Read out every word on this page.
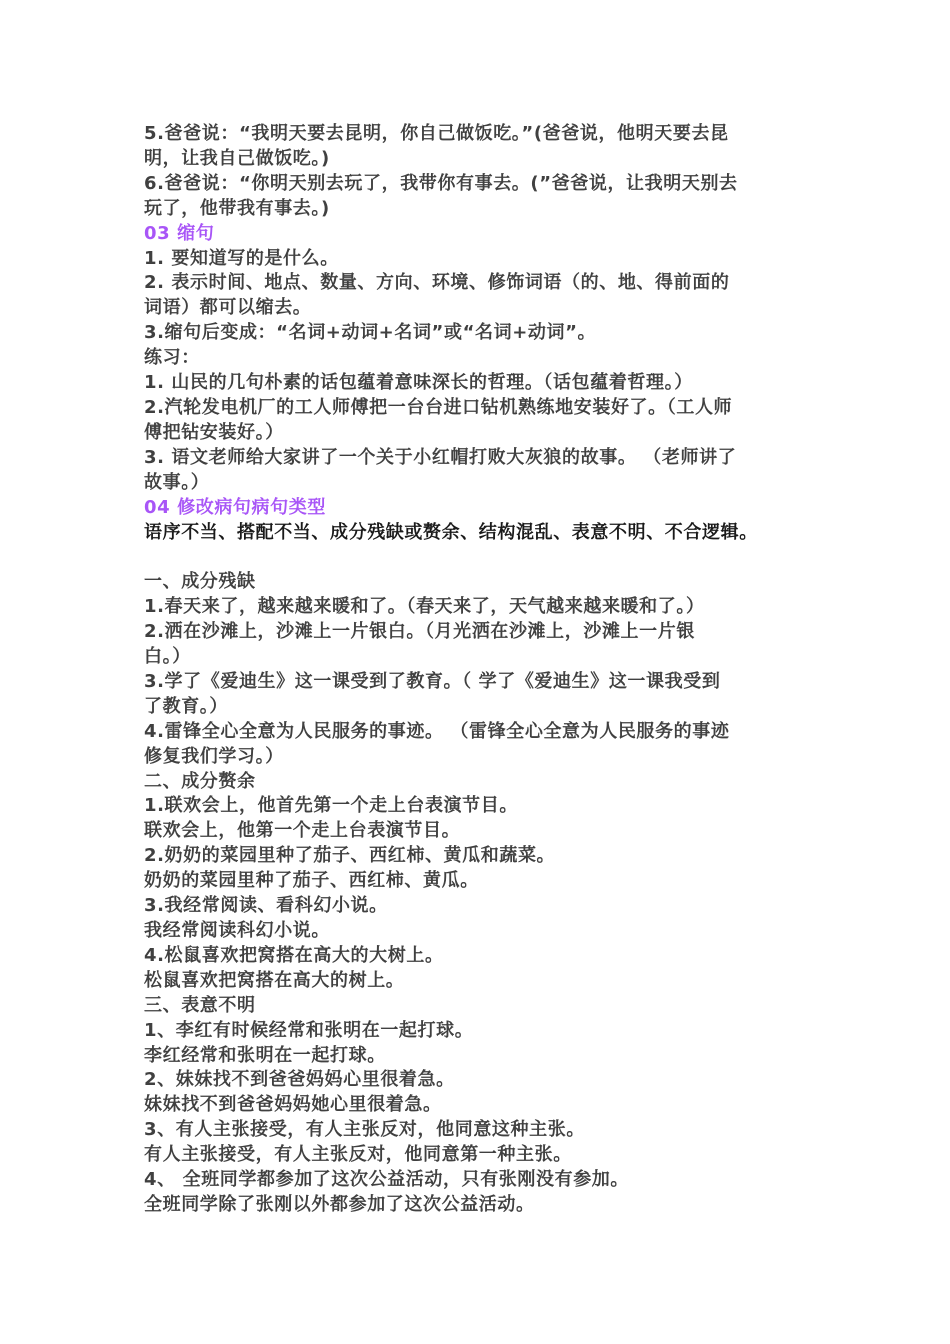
5.爸爸说：“我明天要去昆明，你自己做饭吃。”(爸爸说，他明天要去昆

明，让我自己做饭吃。)

6.爸爸说：“你明天别去玩了，我带你有事去。(”爸爸说，让我明天别去

玩了，他带我有事去。)

03 缩句

1. 要知道写的是什么。

2. 表示时间、地点、数量、方向、环境、修饰词语（的、地、得前面的

词语）都可以缩去。

3.缩句后变成：“名词+动词+名词”或“名词+动词”。

练习：

1. 山民的几句朴素的话包蕴着意味深长的哲理。（话包蕴着哲理。）

2.汽轮发电机厂的工人师傅把一台台进口钻机熟练地安装好了。（工人师

傅把钻安装好。）

3. 语文老师给大家讲了一个关于小红帽打败大灰狼的故事。 （老师讲了

故事。）

04 修改病句病句类型

语序不当、搭配不当、成分残缺或赘余、结构混乱、表意不明、不合逻辑。

一、成分残缺

1.春天来了，越来越来暖和了。（春天来了，天气越来越来暖和了。）

2.洒在沙滩上，沙滩上一片银白。（月光洒在沙滩上，沙滩上一片银

白。）

3.学了《爱迪生》这一课受到了教育。（ 学了《爱迪生》这一课我受到

了教育。）

4.雷锋全心全意为人民服务的事迹。 （雷锋全心全意为人民服务的事迹

修复我们学习。）

二、成分赘余

1.联欢会上，他首先第一个走上台表演节目。

联欢会上，他第一个走上台表演节目。

2.奶奶的菜园里种了茄子、西红柿、黄瓜和蔬菜。

奶奶的菜园里种了茄子、西红柿、黄瓜。

3.我经常阅读、看科幻小说。

我经常阅读科幻小说。

4.松鼠喜欢把窝搭在高大的大树上。

松鼠喜欢把窝搭在高大的树上。

三、表意不明

1、李红有时候经常和张明在一起打球。

李红经常和张明在一起打球。

2、妹妹找不到爸爸妈妈心里很着急。

妹妹找不到爸爸妈妈她心里很着急。

3、有人主张接受，有人主张反对，他同意这种主张。

有人主张接受，有人主张反对，他同意第一种主张。

4、 全班同学都参加了这次公益活动，只有张刚没有参加。

全班同学除了张刚以外都参加了这次公益活动。
